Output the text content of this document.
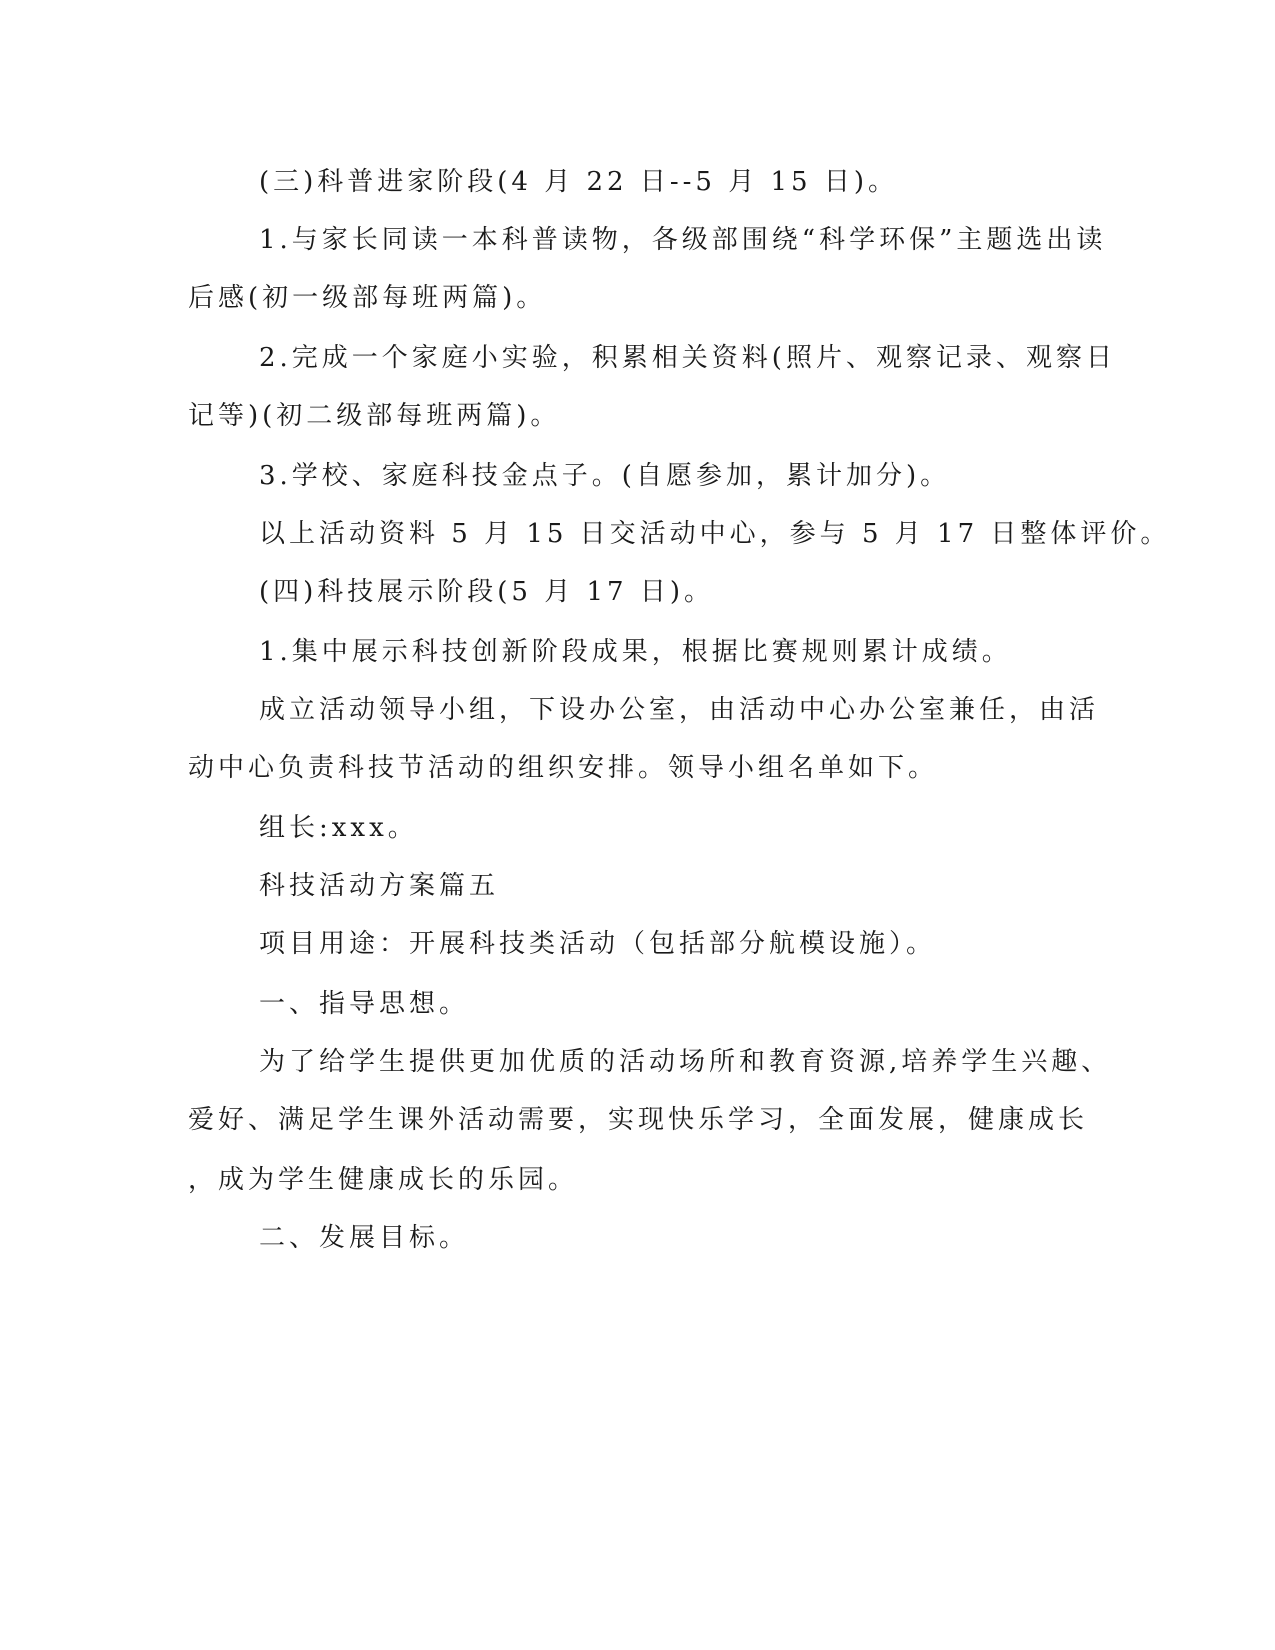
(三)科普进家阶段(4 月 22 日--5 月 15 日)。
1.与家长同读一本科普读物，各级部围绕“科学环保”主题选出读
后感(初一级部每班两篇)。
2.完成一个家庭小实验，积累相关资料(照片、观察记录、观察日
记等)(初二级部每班两篇)。
3.学校、家庭科技金点子。(自愿参加，累计加分)。
以上活动资料 5 月 15 日交活动中心，参与 5 月 17 日整体评价。
(四)科技展示阶段(5 月 17 日)。
1.集中展示科技创新阶段成果，根据比赛规则累计成绩。
成立活动领导小组，下设办公室，由活动中心办公室兼任，由活
动中心负责科技节活动的组织安排。领导小组名单如下。
组长:xxx。
科技活动方案篇五
项目用途：开展科技类活动（包括部分航模设施）。
一、指导思想。
为了给学生提供更加优质的活动场所和教育资源,培养学生兴趣、
爱好、满足学生课外活动需要，实现快乐学习，全面发展，健康成长
，成为学生健康成长的乐园。
二、发展目标。
